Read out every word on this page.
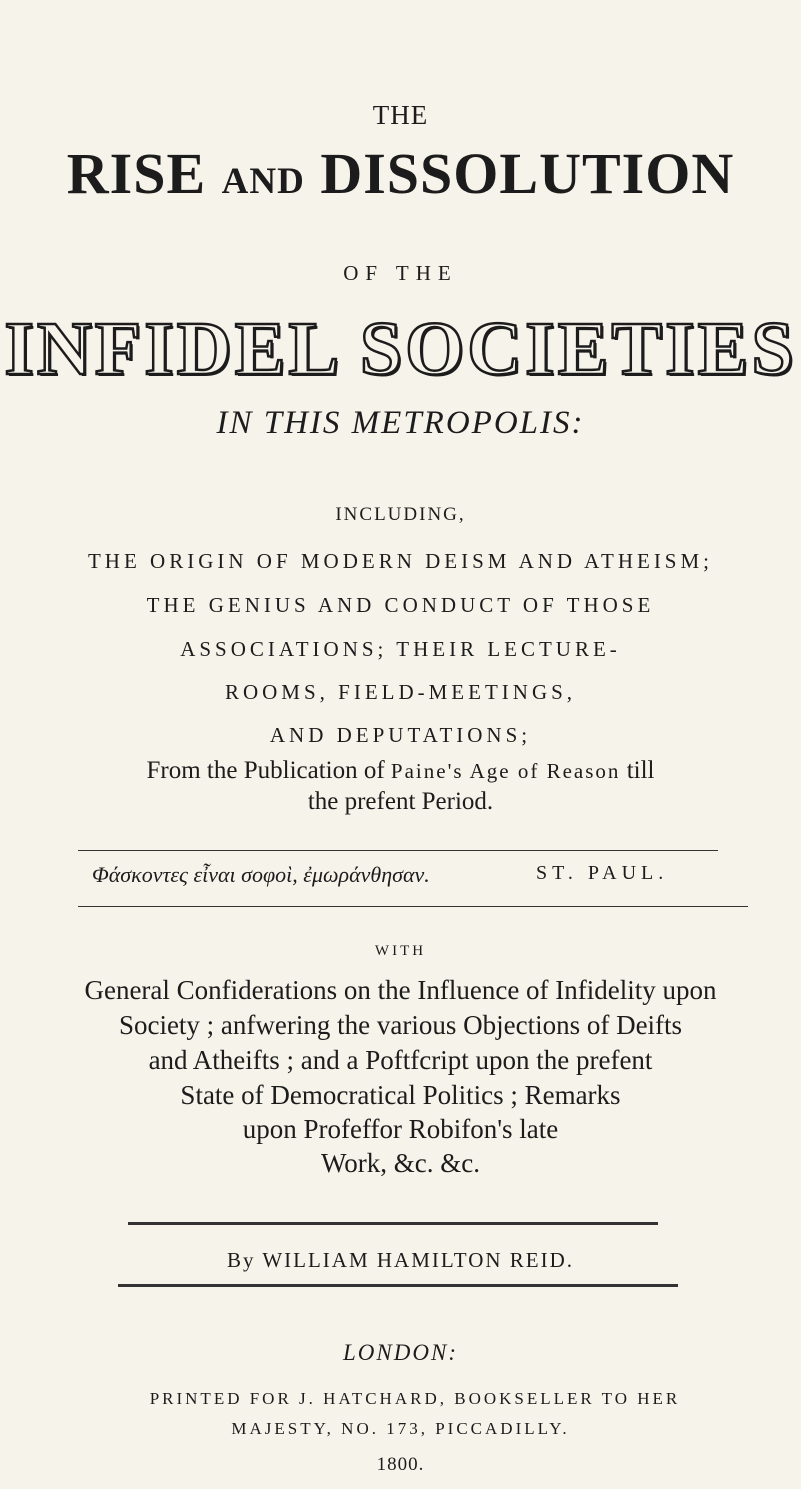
THE
RISE AND DISSOLUTION
OF THE
INFIDEL SOCIETIES
IN THIS METROPOLIS:
INCLUDING,
THE ORIGIN OF MODERN DEISM AND ATHEISM;
THE GENIUS AND CONDUCT OF THOSE
ASSOCIATIONS; THEIR LECTURE-
ROOMS, FIELD-MEETINGS,
AND DEPUTATIONS;
From the Publication of Paine's Age of Reason till
the prefent Period.
Φάσκοντες εἶναι σοφοὶ, ἐμωράνθησαν.	ST. PAUL.
WITH
General Confiderations on the Influence of Infidelity upon
Society ; anfwering the various Objections of Deifts
and Atheifts ; and a Poftfcript upon the prefent
State of Democratical Politics ; Remarks
upon Profeffor Robifon's late
Work, &c. &c.
By WILLIAM HAMILTON REID.
LONDON:
PRINTED FOR J. HATCHARD, BOOKSELLER TO HER
MAJESTY, NO. 173, PICCADILLY.
1800.
